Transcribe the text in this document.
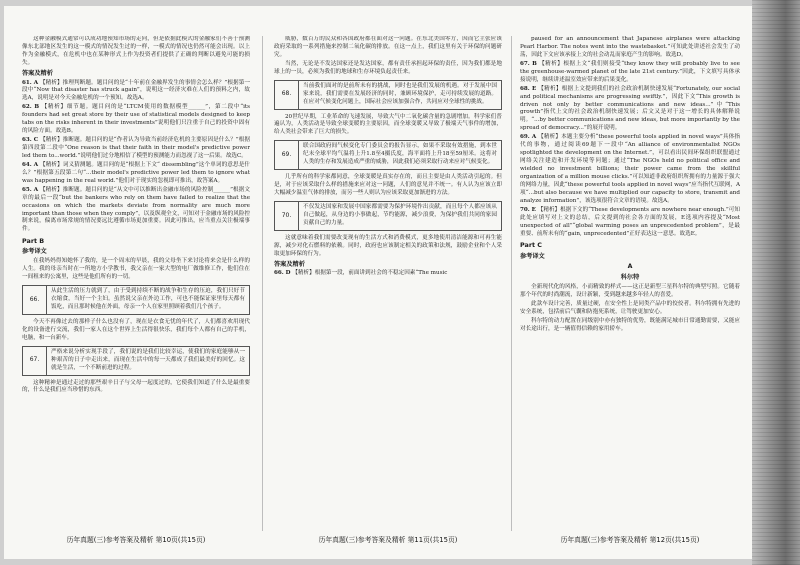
这种金融模式通常可以成功地预知市场的走向，但是依据此模式的金融家们不善于预测像东北部地区发生的这一模式的情况发生过的一样，一模式的情况也仍然可能会出现。以上作为金融模式，在危机中也在某种形式上作为投资者们提供了正确的判断以避免可能的损失。
答案及精析
61. A 【精析】推理判断题。题目问的是“十年前在金融界发生的事情会怎么样？”根据第一段中“Now that disaster has struck again”，说明这一经济灾难在人们的预料之内，故选A，说明是对今天金融危机的一个预知。故选A。
62. B 【精析】细节题。题目问的是“LTCM使用的数据模型______”，第二段中“its founders had set great store by their use of statistical models designed to keep tabs on the risks inherent in their investments”说明他们只注重于自己的投资中固有的风险方面。故选B。
63. C 【精析】推断题。题目问的是“作者认为导致当前经济危机的主要原因是什么？”根据第四段第二段中“One reason is that their faith in their model's predictive power led them to...world.”说明他们过分地相信了模型的预测能力而忽视了这一后果。故选C。
64. A 【精析】词义猜测题。题目问的是“根据上下文“ dissembling”这个单词的意思是什么？”根据第五段第二句“...their model's predictive power led them to ignore what was happening in the real world.”他们对于现实的忽视即可推出，故答案A。
65. A 【精析】推断题。题目问的是“从文中可以推断出金融市场的风险控制______”根据文章的最后一段“but the bankers who rely on them have failed to realize that the occasions on which the markets deviate from normality are much more important than those when they comply”，以及纵观全文，可知对于金融市场的风险控制来说，偏离市场常规的情况要远比遵循市场更加重要。因此可推出，应当重点关注极端事件。
Part B
参考译文
在我妈妈得知她怀了我的，是一个周末的早晨，我的父母坐下来讨论将来会是什么样的人生。我的母亲当时在一所地方小学教书，我父亲在一家大型的电厂做维修工作，他们住在一间租来的公寓里，这些是他们所有的一切。
66.
从此生活的压力就到了，由于受到持续不断的战争和生存的压迫，我们只好节衣缩食，当好一个主妇。虽然说父亲在外边工作，可也不能保证家里每天都有饭吃，而且那时候他在外面，母亲一个人在家里照顾着我们几个孩子。
今天不再像过去的那样子什么也没有了，现在是衣食无忧的年代了，人们都喜欢用现代化的设备进行交流，我们一家人在这个世界上生活得很快乐，我们每个人都有自己的手机，电脑，和一台新车。
67.
严格来说分析实现手段了，我们说的是我们比较幸运，使我们的家庭能够从一种艰苦的日子中走出来，而现在生活中的每一天都成了我们最美好的回忆。这就是生活，一个不断前进的过程。
这种精神是通过走过的那些艰辛日子与父母一起度过的，它使我们知道了什么是最重要的，什么是我们应当珍惜的东西。
威胁，数百万的民众和各国政府都在面对这一问题。在东北美国零方，因而它主张应该政府采取的一系列措施来控制二氧化碳的排放。在这一点上，我们这里有关于环保的问题研究。
当然，无论是不发达国家还是发达国家，都有责任承担起环保的责任，因为我们都是地球上的一员，必须为我们的地球和生存环境负起责任来。
68.
当前我们面对的是前所未有的挑战，同时也是我们发展的机遇。对于发展中国家来说，我们需要在发展经济的同时，兼顾环境保护，走可持续发展的道路。在应对气候变化问题上，国际社会应该加强合作，共同应对全球性的挑战。
20世纪早期，工业革命的飞速发展，导致大气中二氧化碳含量的急剧增加。科学家们普遍认为，人类活动是导致全球变暖的主要原因，而全球变暖又导致了极端天气事件的增加，给人类社会带来了巨大的损失。
69.
联合国政府间气候变化专门委员会的报告显示，如果不采取有效措施，到本世纪末全球平均气温将上升1.8至4摄氏度，海平面将上升18至59厘米。这将对人类的生存和发展造成严重的威胁，因此我们必须采取行动来应对气候变化。
几乎所有的科学家都同意，全球变暖是真实存在的，而且主要是由人类活动引起的。但是，对于应该采取什么样的措施来应对这一问题，人们的意见并不统一。有人认为应该立即大幅减少温室气体的排放，而另一些人则认为应该采取更加渐进的方法。
70.
不仅发达国家和发展中国家都需要为保护环境作出贡献，而且每个人都应该从自己做起，从身边的小事做起，节约能源，减少浪费，为保护我们共同的家园贡献自己的力量。
这就意味着我们需要改变现有的生活方式和消费模式，更多地使用清洁能源和可再生能源，减少对化石燃料的依赖。同时，政府也应该制定相关的政策和法规，鼓励企业和个人采取更加环保的行为。
答案及精析
66. D 【精析】根据第一段，前面讲到社会的不稳定因素“The music
paused for an announcement that Japanese airplanes were attacking Pearl Harbor. The notes went into the wastebasket.”可知此处讲述社会发生了动荡，因此下文应该承接上文的社会动乱而家庭产生的影响。故选D。
67. B 【精析】根据上文“我们则接受“they know they will probably live to see the greenhouse-warmed planet of the late 21st century.”因此，下文填写具体承接说明，继续讲述温室效应带来的后果变化。
68. E 【精析】根据上文提到我们的社会政治机制快速发展“Fortunately, our social and political mechanisms are progressing swiftly.”，因此下文“This growth is driven not only by better communications and new ideas...”中“This growth”指代上文的社会政治机制快速发展；后文又是对于这一增长的具体解释说明。“...by better communications and new ideas, but more importantly by the spread of democracy...”的展开说明。
69. A 【精析】本题主要分析“these powerful tools applied in novel ways”具体指代的事物，通过阅读69题下一段中“An alliance of environmentalist NGOs spotlighted the development on the Internet.”，可以看出民间环保组织联盟通过网络关注建造和开发环境等问题；通过“The NGOs held no political office and wielded no investment billions; their power came from the skillful organization of a million mouse clicks.”可以知道非政府组织所拥有的力量源于强大的网络力量，因此“these powerful tools applied in novel ways”应当指代互联网，A项“...but also because we have multiplied our capacity to store, transmit and analyze information”，该选项很符合文章的语境。故选A。
70. E 【精析】根据下文的“These developments are nowhere near enough.”可知此处应填写对上文的总结，后文提到的社会各方面的发展，E选项内容提及“Most unexpected of all”“global warming poses an unprecedented problem”，是最重要、前所未有的“gain, unprecedented”正好表达这一意思。故选E。
Part C
参考译文
A
科尔特
全新现代化的风格，小而精致的样式——这正是新型三星科尔特的典型写照。它随着那个年代的时尚潮流，设计新颖，受到越来越多年轻人的喜爱。
此款车设计完善，质量过硬，在安全性上是同类产品中的佼佼者。科尔特拥有先进的安全系统，包括前后气囊和防抱死系统，让驾驶更加安心。
科尔特的动力配置在同级别中亦有独特的优势，既能满足城市日常通勤需要，又能应对长途出行，是一辆值得信赖的家用轿车。
历年真题(三)参考答案及精析 第10页(共15页)	历年真题(三)参考答案及精析 第11页(共15页)	历年真题(三)参考答案及精析 第12页(共15页)
